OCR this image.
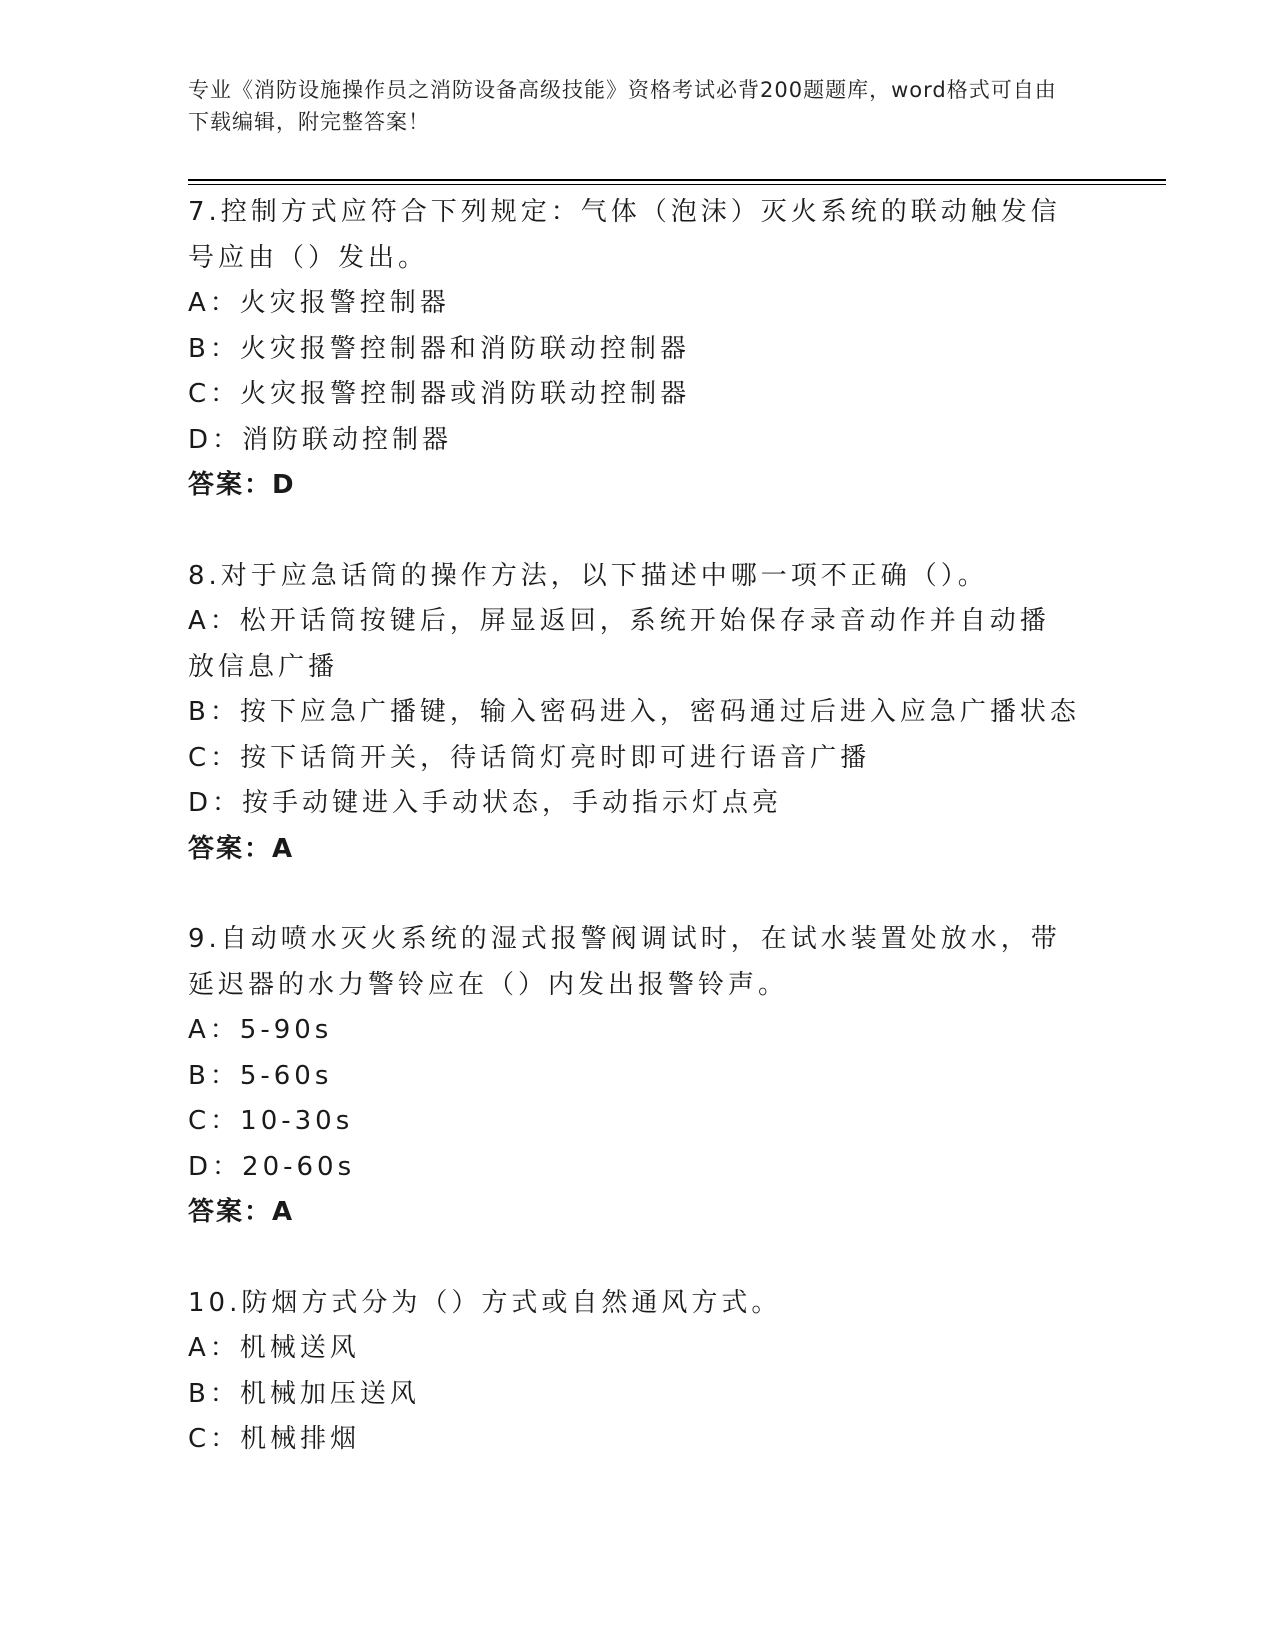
专业《消防设施操作员之消防设备高级技能》资格考试必背200题题库，word格式可自由下载编辑，附完整答案！
7.控制方式应符合下列规定：气体（泡沫）灭火系统的联动触发信号应由（）发出。
A：火灾报警控制器
B：火灾报警控制器和消防联动控制器
C：火灾报警控制器或消防联动控制器
D：消防联动控制器
答案：D
8.对于应急话筒的操作方法，以下描述中哪一项不正确（）。
A：松开话筒按键后，屏显返回，系统开始保存录音动作并自动播放信息广播
B：按下应急广播键，输入密码进入，密码通过后进入应急广播状态
C：按下话筒开关，待话筒灯亮时即可进行语音广播
D：按手动键进入手动状态，手动指示灯点亮
答案：A
9.自动喷水灭火系统的湿式报警阀调试时，在试水装置处放水，带延迟器的水力警铃应在（）内发出报警铃声。
A：5-90s
B：5-60s
C：10-30s
D：20-60s
答案：A
10.防烟方式分为（）方式或自然通风方式。
A：机械送风
B：机械加压送风
C：机械排烟
